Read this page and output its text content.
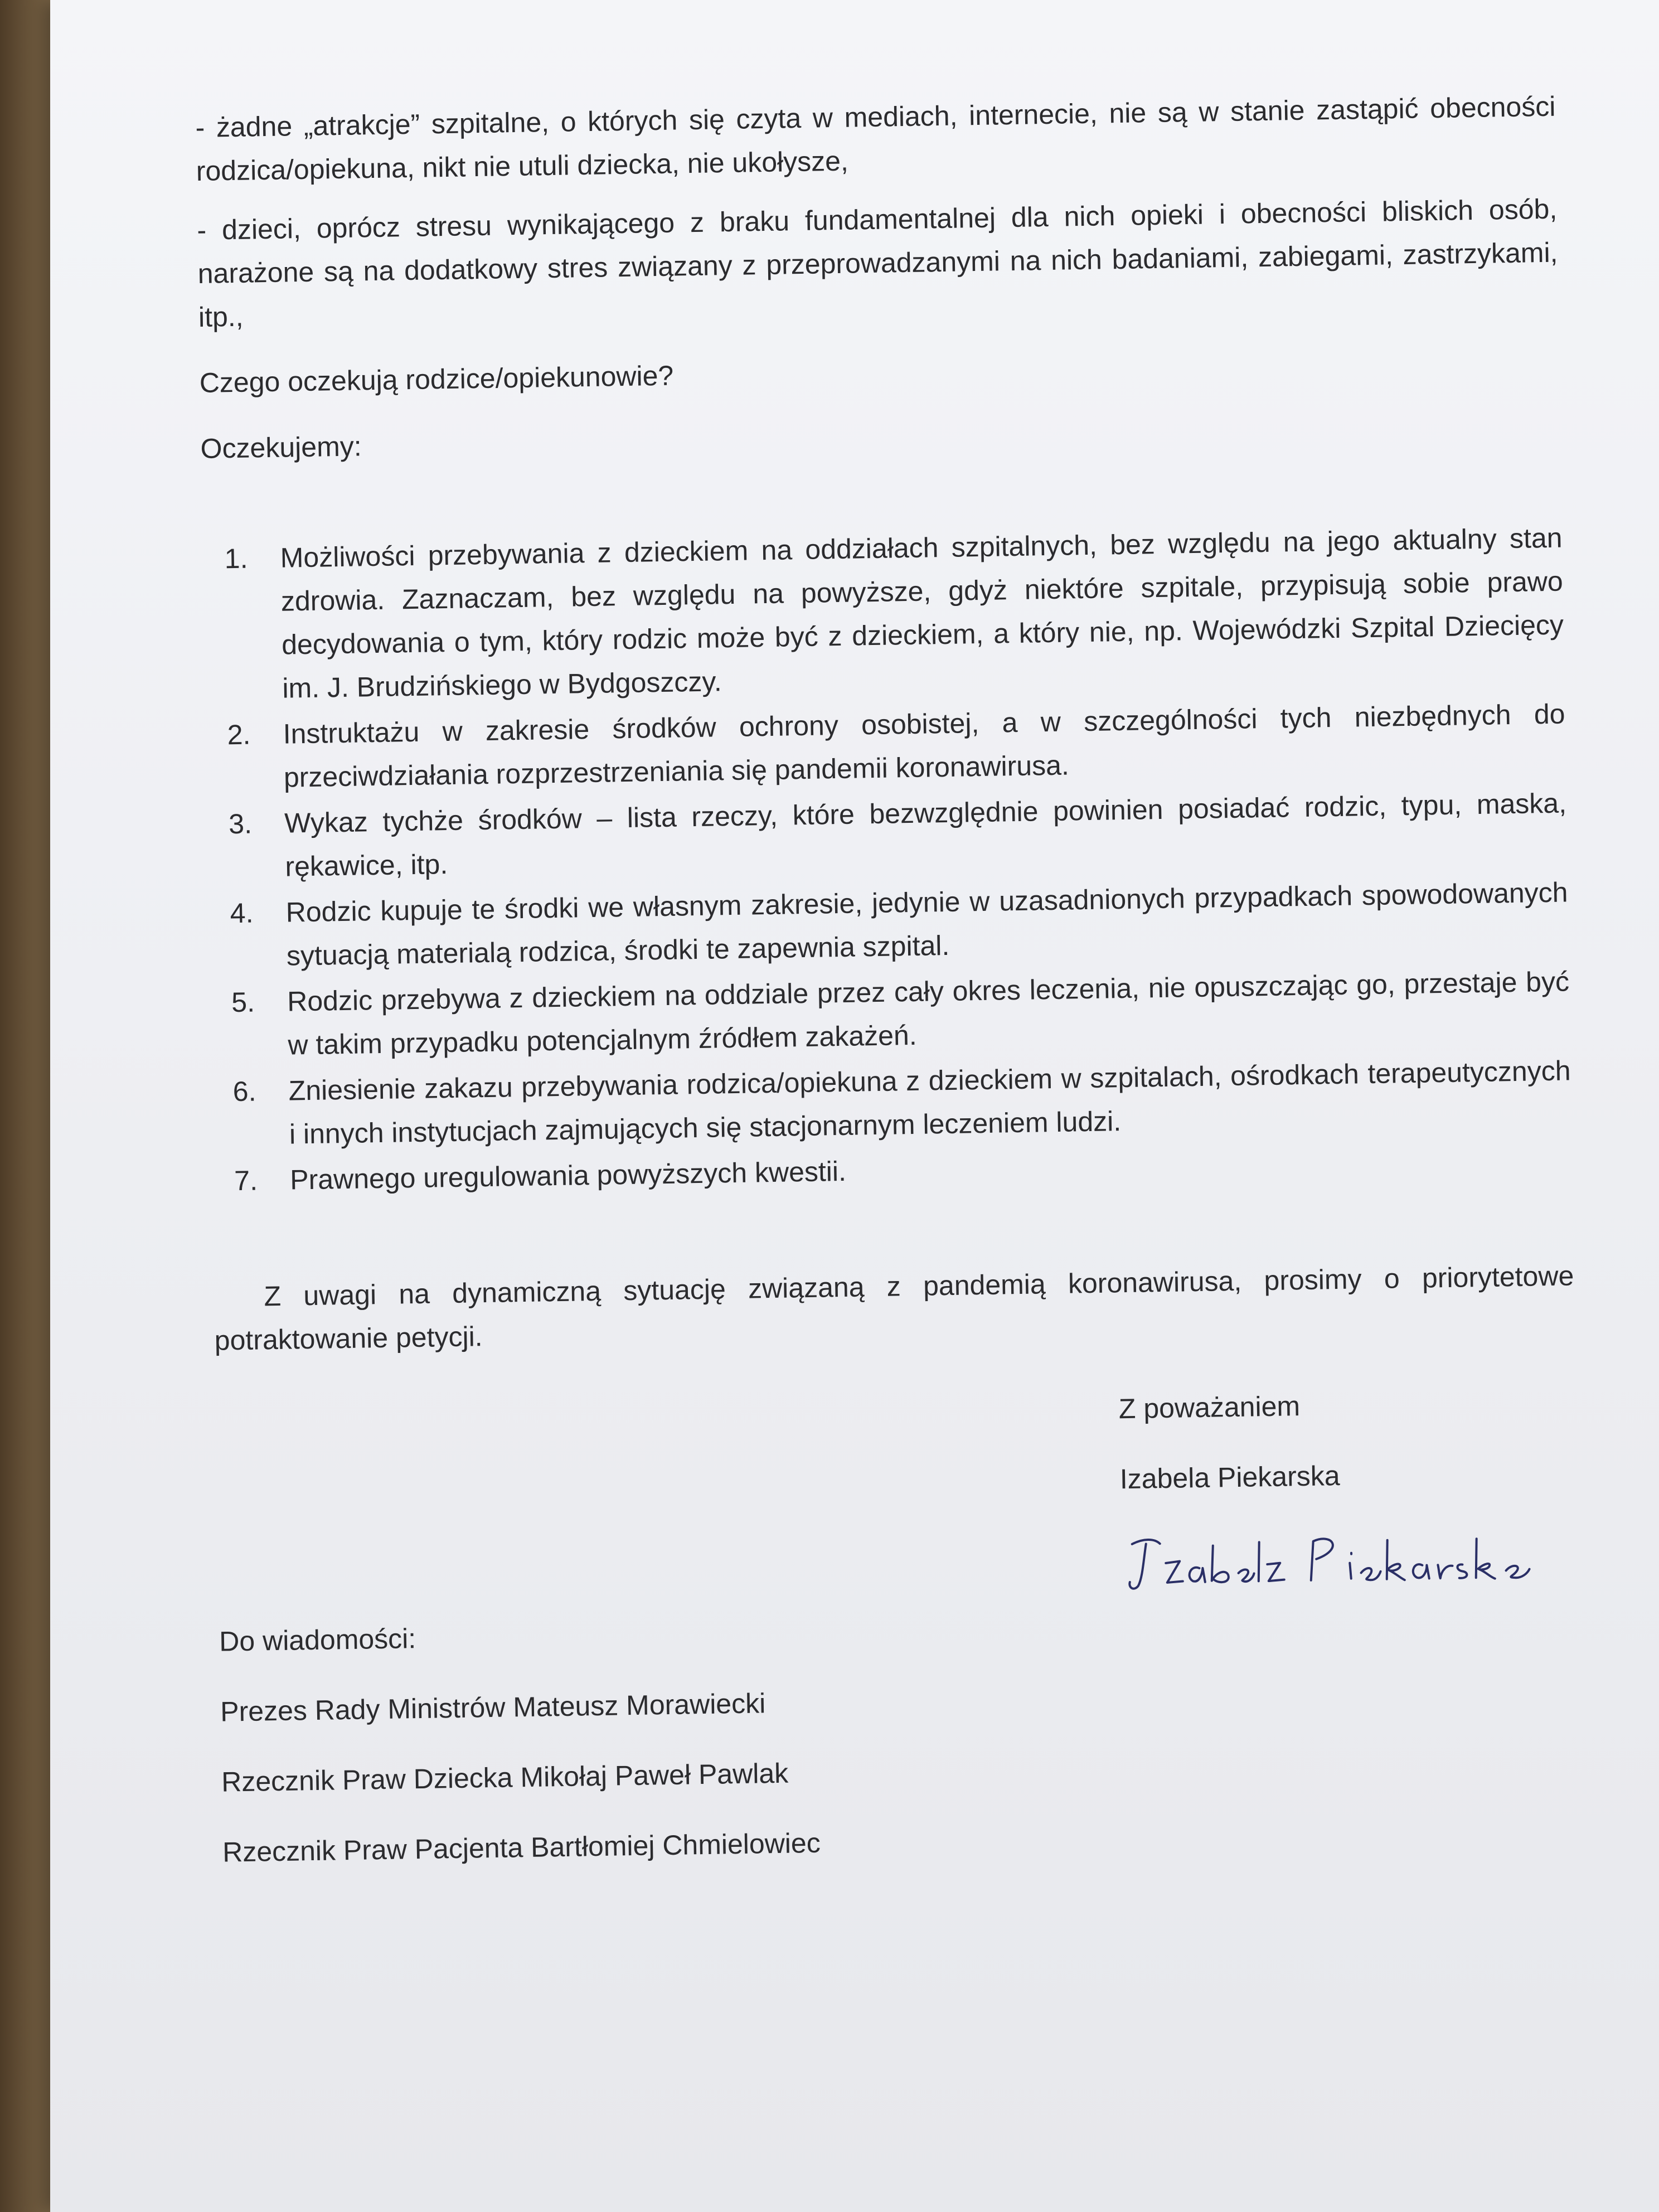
- żadne „atrakcje” szpitalne, o których się czyta w mediach, internecie, nie są w stanie zastąpić obecności rodzica/opiekuna, nikt nie utuli dziecka, nie ukołysze,

- dzieci, oprócz stresu wynikającego z braku fundamentalnej dla nich opieki i obecności bliskich osób, narażone są na dodatkowy stres związany z przeprowadzanymi na nich badaniami, zabiegami, zastrzykami, itp.,

Czego oczekują rodzice/opiekunowie?

Oczekujemy:

1.	Możliwości przebywania z dzieckiem na oddziałach szpitalnych, bez względu na jego aktualny stan zdrowia. Zaznaczam, bez względu na powyższe, gdyż niektóre szpitale, przypisują sobie prawo decydowania o tym, który rodzic może być z dzieckiem, a który nie, np. Wojewódzki Szpital Dziecięcy im. J. Brudzińskiego w Bydgoszczy.
2.	Instruktażu w zakresie środków ochrony osobistej, a w szczególności tych niezbędnych do przeciwdziałania rozprzestrzeniania się pandemii koronawirusa.
3.	Wykaz tychże środków – lista rzeczy, które bezwzględnie powinien posiadać rodzic, typu, maska, rękawice, itp.
4.	Rodzic kupuje te środki we własnym zakresie, jedynie w uzasadnionych przypadkach spowodowanych sytuacją materialą rodzica, środki te zapewnia szpital.
5.	Rodzic przebywa z dzieckiem na oddziale przez cały okres leczenia, nie opuszczając go, przestaje być w takim przypadku potencjalnym źródłem zakażeń.
6.	Zniesienie zakazu przebywania rodzica/opiekuna z dzieckiem w szpitalach, ośrodkach terapeutycznych i innych instytucjach zajmujących się stacjonarnym leczeniem ludzi.
7.	Prawnego uregulowania powyższych kwestii.

Z uwagi na dynamiczną sytuację związaną z pandemią koronawirusa, prosimy o priorytetowe potraktowanie petycji.

Z poważaniem

Izabela Piekarska

Do wiadomości:

Prezes Rady Ministrów Mateusz Morawiecki

Rzecznik Praw Dziecka Mikołaj Paweł Pawlak

Rzecznik Praw Pacjenta Bartłomiej Chmielowiec
